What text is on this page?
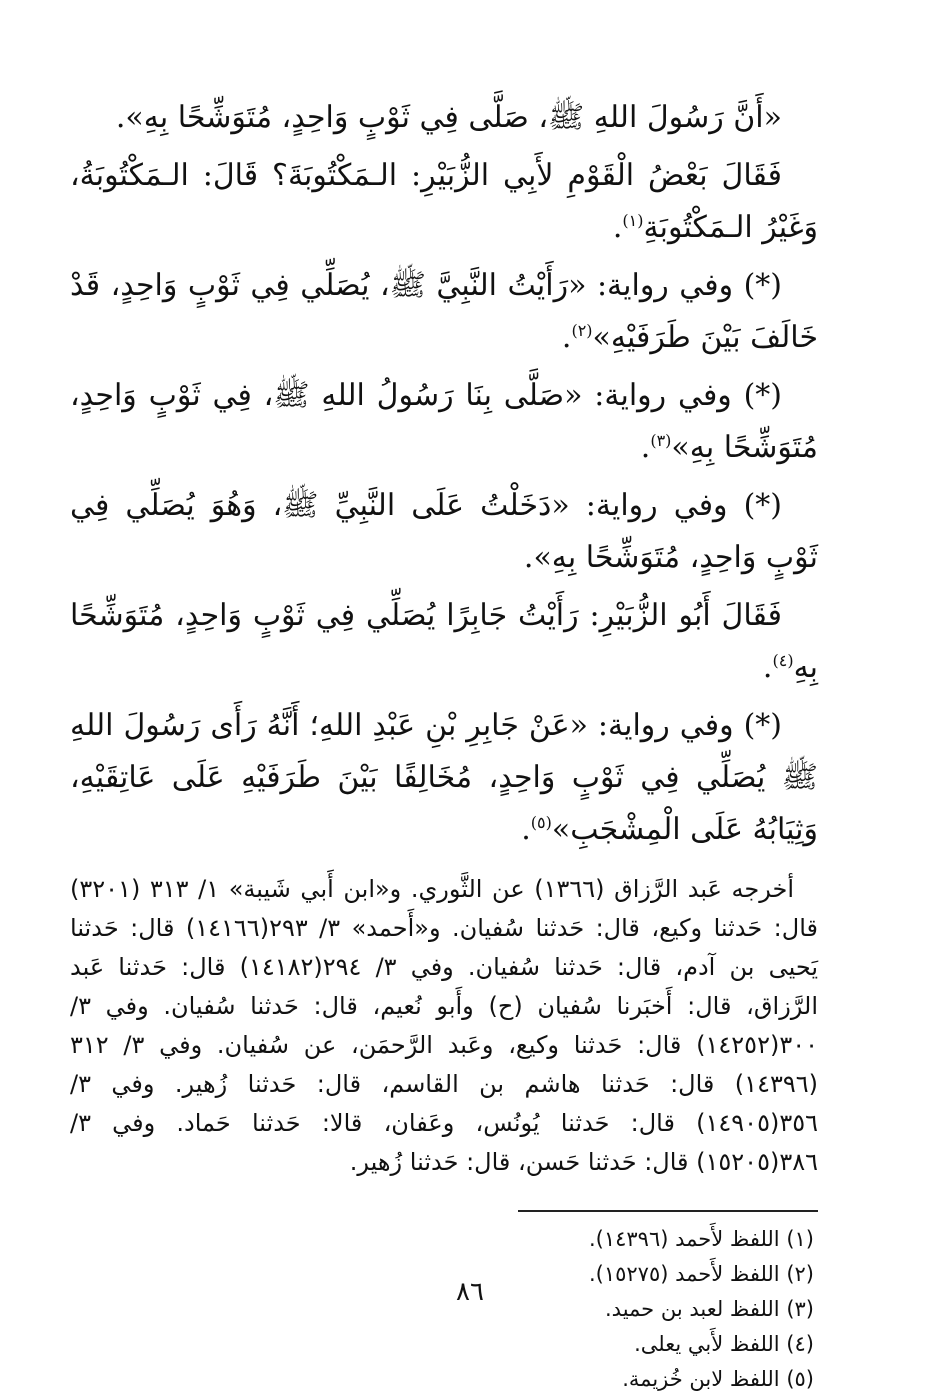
«أَنَّ رَسُولَ اللهِ ﷺ، صَلَّى فِي ثَوْبٍ وَاحِدٍ، مُتَوَشِّحًا بِهِ».

فَقَالَ بَعْضُ الْقَوْمِ لأَبِي الزُّبَيْرِ: الـمَكْتُوبَةَ؟ قَالَ: الـمَكْتُوبَةُ، وَغَيْرُ الـمَكْتُوبَةِ$^{(١)}$.

(*) وفي رواية: «رَأَيْتُ النَّبِيَّ ﷺ، يُصَلِّي فِي ثَوْبٍ وَاحِدٍ، قَدْ خَالَفَ بَيْنَ طَرَفَيْهِ»$^{(٢)}$.

(*) وفي رواية: «صَلَّى بِنَا رَسُولُ اللهِ ﷺ، فِي ثَوْبٍ وَاحِدٍ، مُتَوَشِّحًا بِهِ»$^{(٣)}$.

(*) وفي رواية: «دَخَلْتُ عَلَى النَّبِيِّ ﷺ، وَهُوَ يُصَلِّي فِي ثَوْبٍ وَاحِدٍ، مُتَوَشِّحًا بِهِ».

فَقَالَ أَبُو الزُّبَيْرِ: رَأَيْتُ جَابِرًا يُصَلِّي فِي ثَوْبٍ وَاحِدٍ، مُتَوَشِّحًا بِهِ$^{(٤)}$.

(*) وفي رواية: «عَنْ جَابِرِ بْنِ عَبْدِ اللهِ؛ أَنَّهُ رَأَى رَسُولَ اللهِ ﷺ يُصَلِّي فِي ثَوْبٍ وَاحِدٍ، مُخَالِفًا بَيْنَ طَرَفَيْهِ عَلَى عَاتِقَيْهِ، وَثِيَابُهُ عَلَى الْمِشْجَبِ»$^{(٥)}$.

أخرجه عَبد الرَّزاق (١٣٦٦) عن الثَّوري. و«ابن أَبي شَيبة» ١/ ٣١٣ (٣٢٠١) قال: حَدثنا وكيع، قال: حَدثنا سُفيان. و«أَحمد» ٣/ ٢٩٣(١٤١٦٦) قال: حَدثنا يَحيى بن آدم، قال: حَدثنا سُفيان. وفي ٣/ ٢٩٤(١٤١٨٢) قال: حَدثنا عَبد الرَّزاق، قال: أَخبَرنا سُفيان (ح) وأَبو نُعيم، قال: حَدثنا سُفيان. وفي ٣/ ٣٠٠(١٤٢٥٢) قال: حَدثنا وكيع، وعَبد الرَّحمَن، عن سُفيان. وفي ٣/ ٣١٢ (١٤٣٩٦) قال: حَدثنا هاشم بن القاسم، قال: حَدثنا زُهير. وفي ٣/ ٣٥٦(١٤٩٠٥) قال: حَدثنا يُونُس، وعَفان، قالا: حَدثنا حَماد. وفي ٣/ ٣٨٦(١٥٢٠٥) قال: حَدثنا حَسن، قال: حَدثنا زُهير.
(١) اللفظ لأَحمد (١٤٣٩٦).
(٢) اللفظ لأَحمد (١٥٢٧٥).
(٣) اللفظ لعبد بن حميد.
(٤) اللفظ لأَبي يعلى.
(٥) اللفظ لابن خُزيمة.
٨٦
